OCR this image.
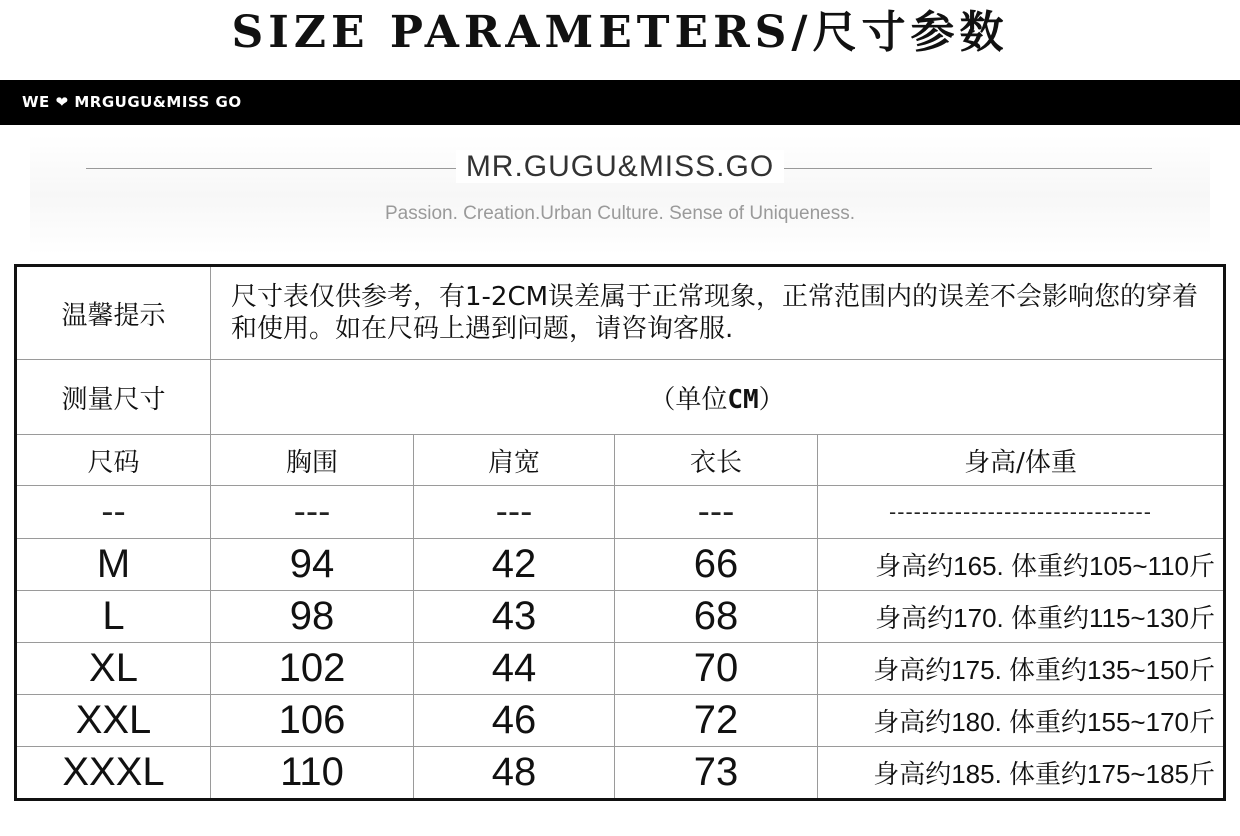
SIZE PARAMETERS/尺寸参数
WE ❤ MRGUGU&MISS GO
MR.GUGU&MISS.GO
Passion. Creation.Urban Culture. Sense of Uniqueness.
温馨提示	尺寸表仅供参考，有1-2CM误差属于正常现象，正常范围内的误差不会影响您的穿着和使用。如在尺码上遇到问题，请咨询客服.			
测量尺寸	（单位CM）			
尺码	胸围	肩宽	衣长	身高/体重
--	---	---	---	--------------------------------
M	94	42	66	身高约165. 体重约105~110斤
L	98	43	68	身高约170. 体重约115~130斤
XL	102	44	70	身高约175. 体重约135~150斤
XXL	106	46	72	身高约180. 体重约155~170斤
XXXL	110	48	73	身高约185. 体重约175~185斤
